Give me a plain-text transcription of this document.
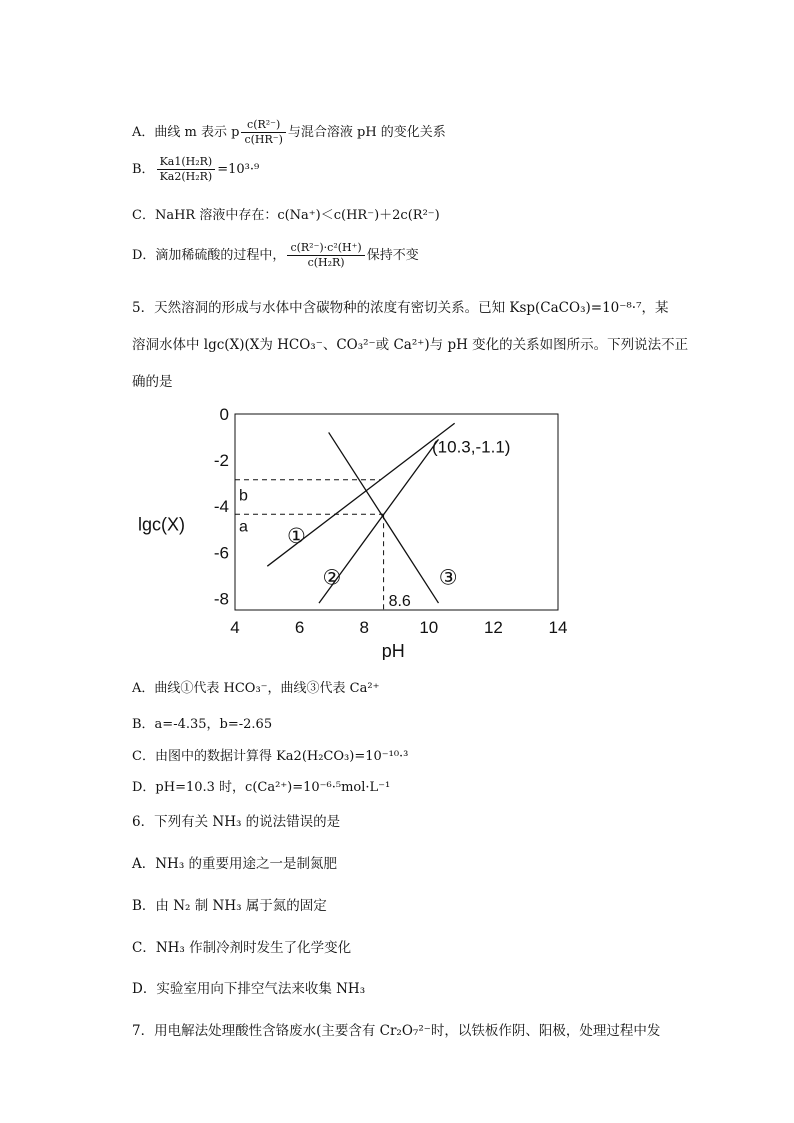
A．曲线 m 表示 p $\frac{\text{c(R²⁻)}}{c(HR^-)}$ 与混合溶液 pH 的变化关系
B． $\frac{\text{Ka1(H₂R)}}{\text{Ka2(H₂R)}} =10^3\cdot^9$
C．NaHR 溶液中存在：c(Na⁺)＜c(HR⁻)＋2c(R²⁻)
D．滴加稀硫酸的过程中， $\frac{\text{c(R²⁻)·c²(H⁺)}}{\text{c(H₂R)}}$ 保持不变
5．天然溶洞的形成与水体中含碳物种的浓度有密切关系。已知 Ksp(CaCO₃)=10⁻⁸·⁷，某
溶洞水体中 lgc(X)(X为 HCO₃⁻、CO₃²⁻或 Ca²⁺)与 pH 变化的关系如图所示。下列说法不正
确的是
0
-2
-4
-6
-8
4	6	8	10	12	14
pH
lgc(X)
b
a
8.6
①
②	③
(10.3,-1.1)
A．曲线①代表 HCO₃⁻，曲线③代表 Ca²⁺
B．a=-4.35，b=-2.65
C．由图中的数据计算得 Ka2(H₂CO₃)=10⁻¹⁰·³
D．pH=10.3 时，c(Ca²⁺)=10⁻⁶·⁵mol·L⁻¹
6．下列有关 NH₃ 的说法错误的是
A．NH₃ 的重要用途之一是制氮肥
B．由 N₂ 制 NH₃ 属于氮的固定
C．NH₃ 作制冷剂时发生了化学变化
D．实验室用向下排空气法来收集 NH₃
7．用电解法处理酸性含铬废水(主要含有 Cr₂O₇²⁻时，以铁板作阴、阳极，处理过程中发
